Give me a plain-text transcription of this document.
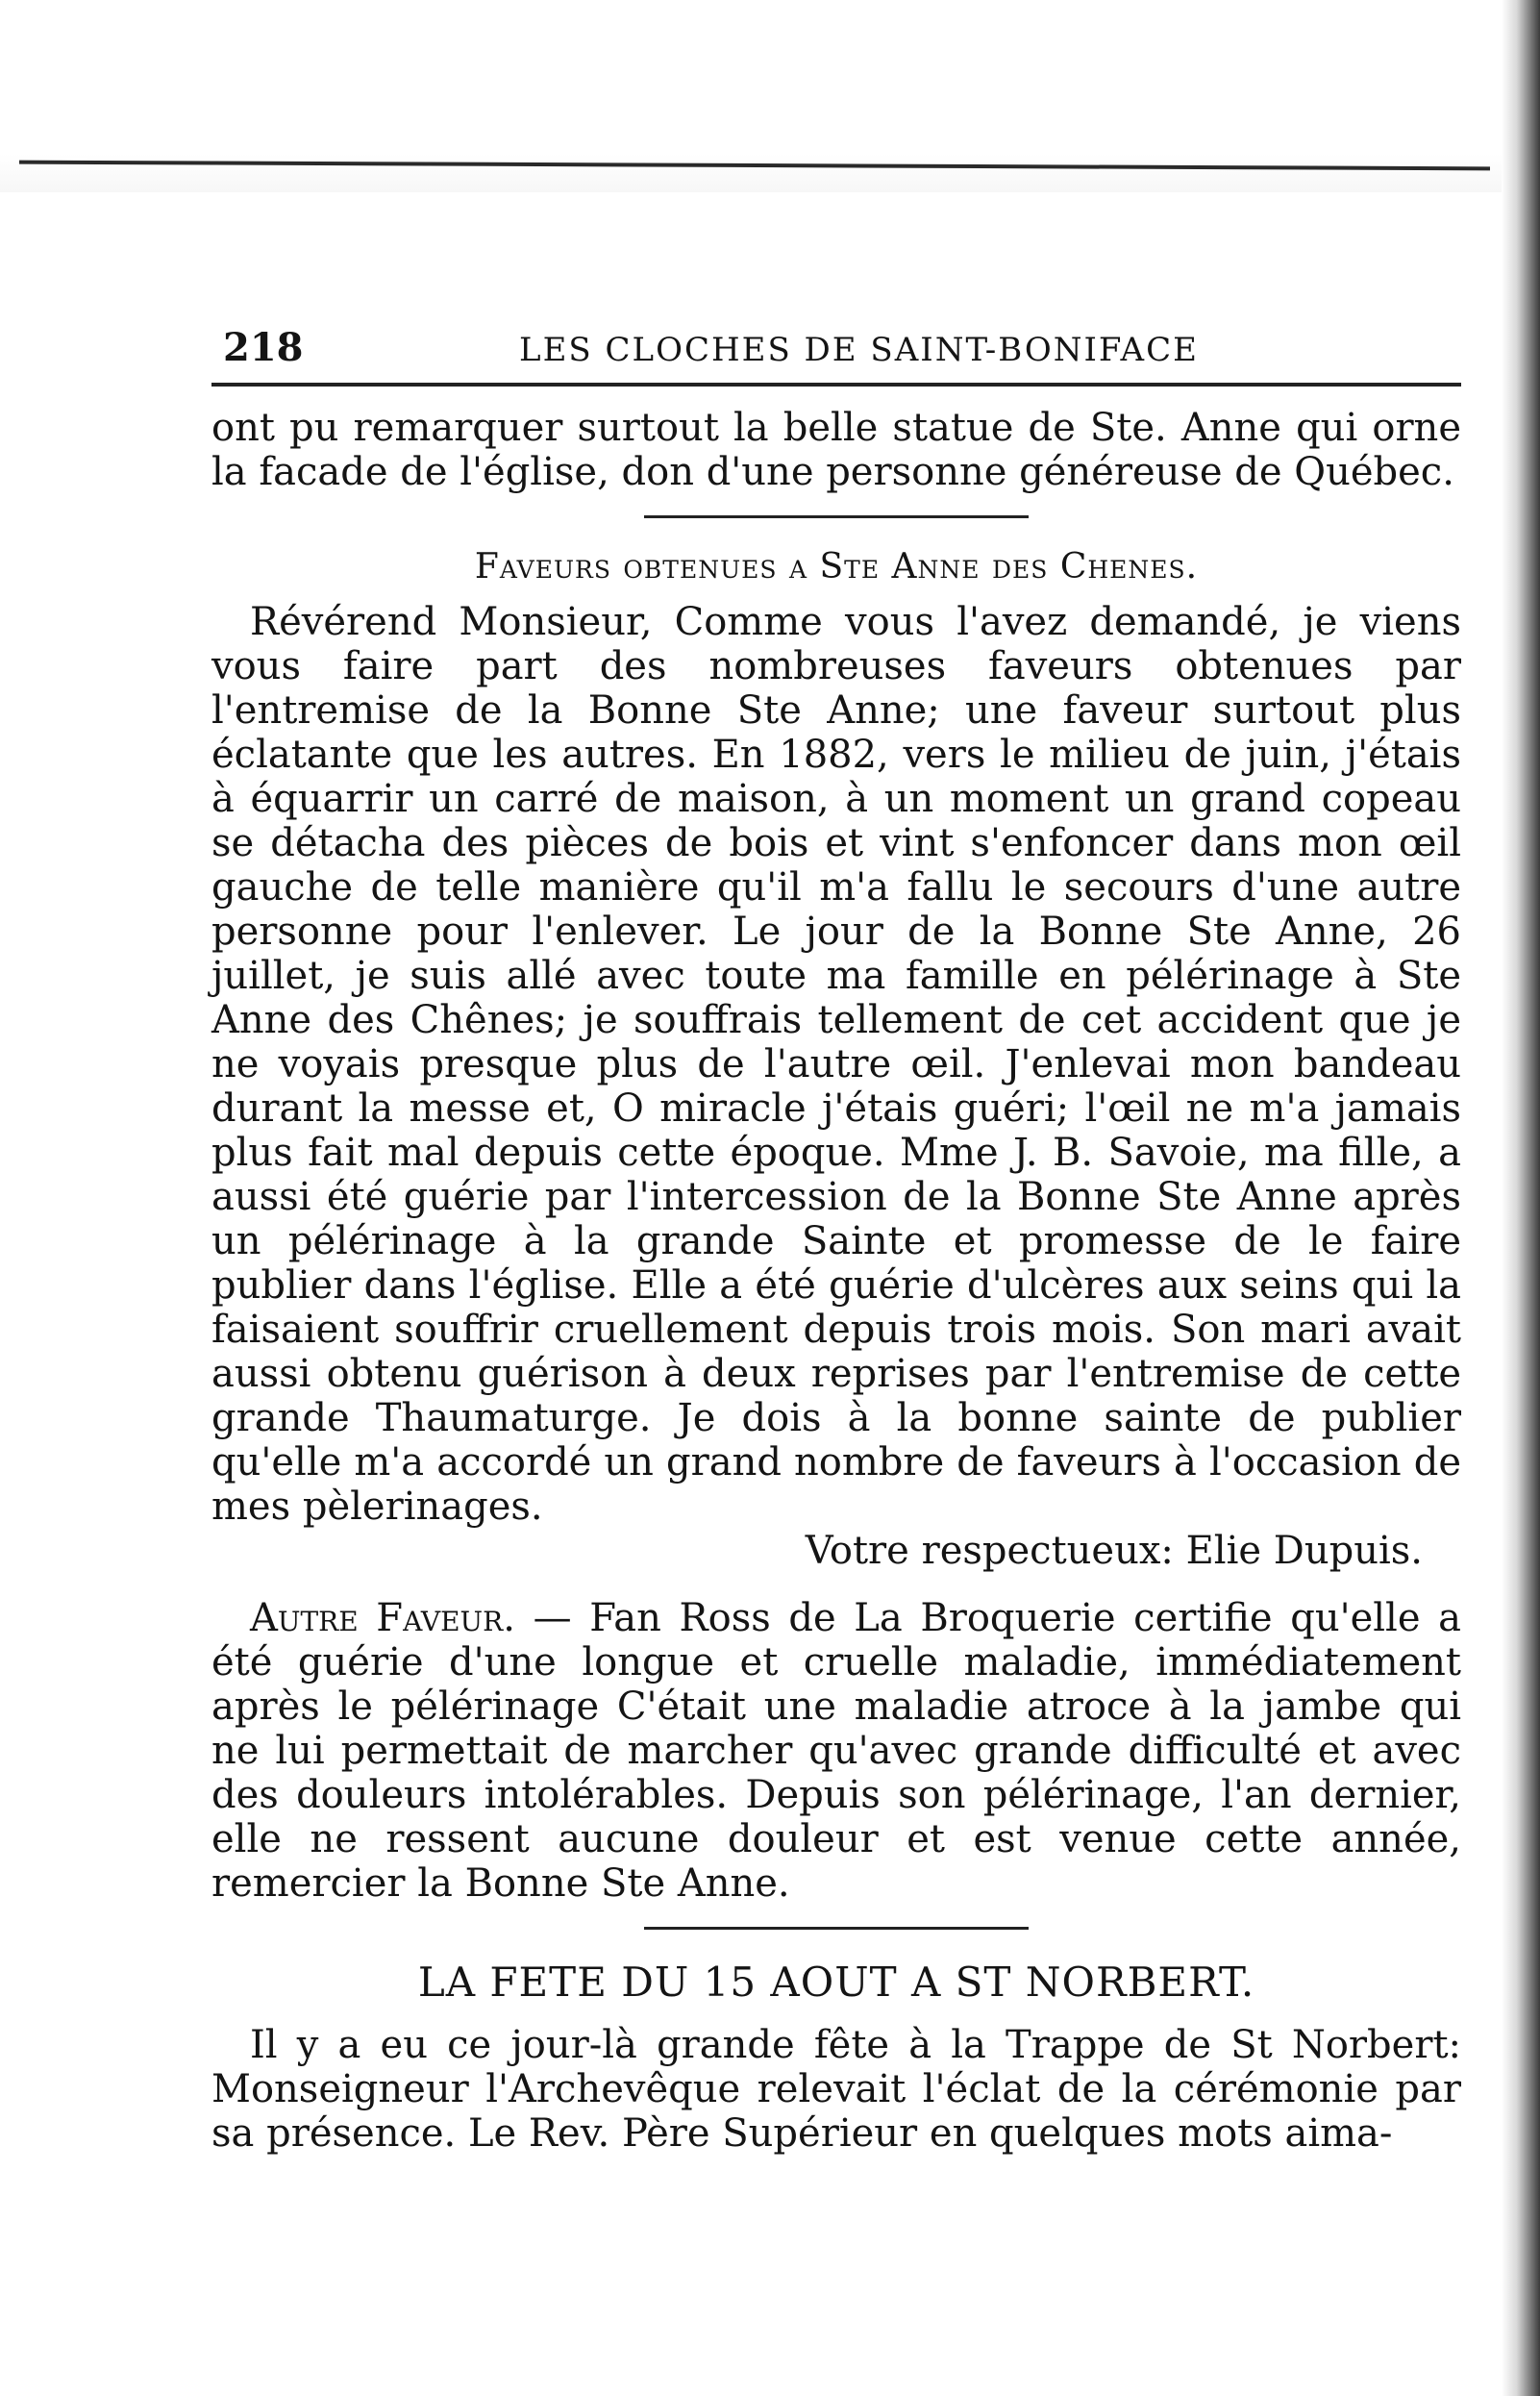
218	LES CLOCHES DE SAINT-BONIFACE

ont pu remarquer surtout la belle statue de Ste. Anne qui orne la facade de l'église, don d'une personne généreuse de Québec.

Faveurs obtenues a Ste Anne des Chenes.

Révérend Monsieur, Comme vous l'avez demandé, je viens vous faire part des nombreuses faveurs obtenues par l'entremise de la Bonne Ste Anne; une faveur surtout plus éclatante que les autres. En 1882, vers le milieu de juin, j'étais à équarrir un carré de maison, à un moment un grand copeau se détacha des pièces de bois et vint s'enfoncer dans mon œil gauche de telle manière qu'il m'a fallu le secours d'une autre personne pour l'enlever. Le jour de la Bonne Ste Anne, 26 juillet, je suis allé avec toute ma famille en pélérinage à Ste Anne des Chênes; je souffrais tellement de cet accident que je ne voyais presque plus de l'autre œil. J'enlevai mon bandeau durant la messe et, O miracle j'étais guéri; l'œil ne m'a jamais plus fait mal depuis cette époque. Mme J. B. Savoie, ma fille, a aussi été guérie par l'intercession de la Bonne Ste Anne après un pélérinage à la grande Sainte et promesse de le faire publier dans l'église. Elle a été guérie d'ulcères aux seins qui la faisaient souffrir cruellement depuis trois mois. Son mari avait aussi obtenu guérison à deux reprises par l'entremise de cette grande Thaumaturge. Je dois à la bonne sainte de publier qu'elle m'a accordé un grand nombre de faveurs à l'occasion de mes pèlerinages.

Votre respectueux: Elie Dupuis.

Autre Faveur. — Fan Ross de La Broquerie certifie qu'elle a été guérie d'une longue et cruelle maladie, immédiatement après le pélérinage C'était une maladie atroce à la jambe qui ne lui permettait de marcher qu'avec grande difficulté et avec des douleurs intolérables. Depuis son pélérinage, l'an dernier, elle ne ressent aucune douleur et est venue cette année, remercier la Bonne Ste Anne.

LA FETE DU 15 AOUT A ST NORBERT.

Il y a eu ce jour-là grande fête à la Trappe de St Norbert: Monseigneur l'Archevêque relevait l'éclat de la cérémonie par sa présence. Le Rev. Père Supérieur en quelques mots aima-
